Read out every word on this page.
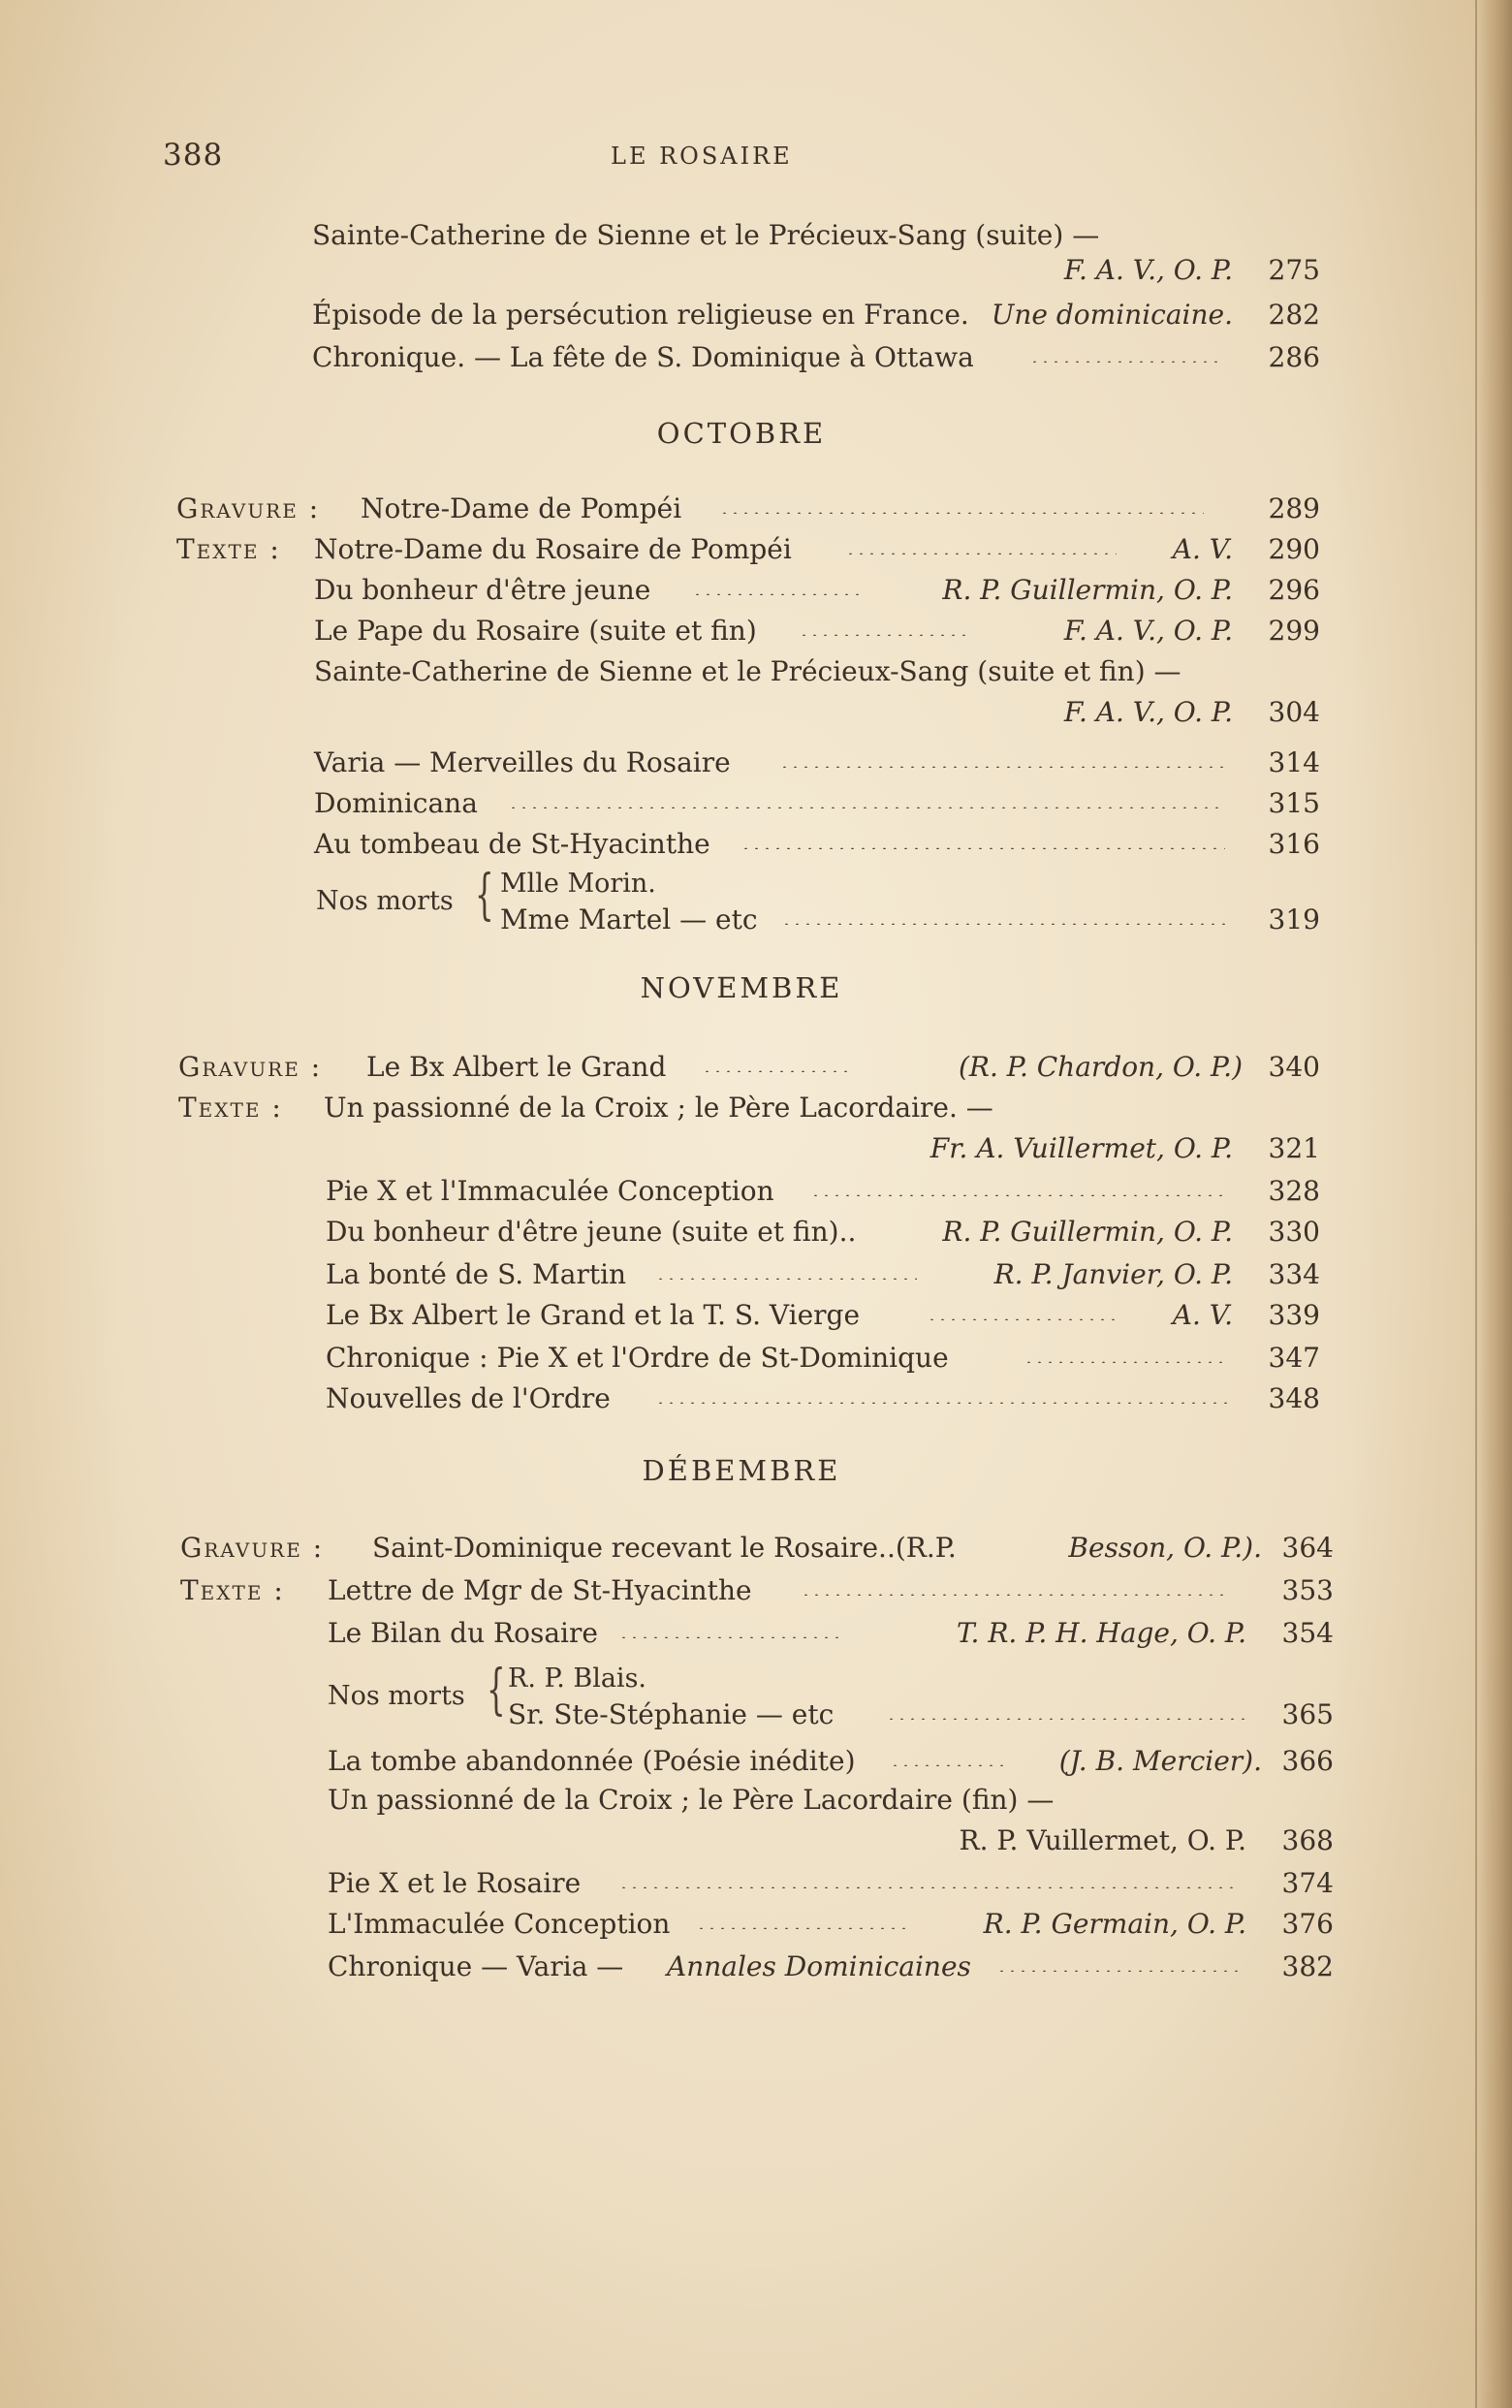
388	LE ROSAIRE
Sainte-Catherine de Sienne et le Précieux-Sang (suite) —
F. A. V., O. P. 275
Épisode de la persécution religieuse en France. Une dominicaine. 282
Chronique. — La fête de S. Dominique à Ottawa	286
OCTOBRE
Gravure : Notre-Dame de Pompéi	289
Texte : Notre-Dame du Rosaire de Pompéi	A. V. 290
Du bonheur d'être jeune	R. P. Guillermin, O. P. 296
Le Pape du Rosaire (suite et fin)	F. A. V., O. P. 299
Sainte-Catherine de Sienne et le Précieux-Sang (suite et fin) —
F. A. V., O. P. 304
Varia — Merveilles du Rosaire	314
Dominicana	315
Au tombeau de St-Hyacinthe	316
Nos morts { Mlle Morin.
Mme Martel — etc	319
NOVEMBRE
Gravure : Le Bx Albert le Grand	(R. P. Chardon, O. P.) 340
Texte : Un passionné de la Croix ; le Père Lacordaire. —
Fr. A. Vuillermet, O. P. 321
Pie X et l'Immaculée Conception	328
Du bonheur d'être jeune (suite et fin)..	R. P. Guillermin, O. P. 330
La bonté de S. Martin	R. P. Janvier, O. P. 334
Le Bx Albert le Grand et la T. S. Vierge	A. V. 339
Chronique : Pie X et l'Ordre de St-Dominique	347
Nouvelles de l'Ordre	348
DÉBEMBRE
Gravure : Saint-Dominique recevant le Rosaire..(R.P.	Besson, O. P.). 364
Texte : Lettre de Mgr de St-Hyacinthe	353
Le Bilan du Rosaire	T. R. P. H. Hage, O. P. 354
Nos morts { R. P. Blais.
Sr. Ste-Stéphanie — etc	365
La tombe abandonnée (Poésie inédite)	(J. B. Mercier). 366
Un passionné de la Croix ; le Père Lacordaire (fin) —
R. P. Vuillermet, O. P. 368
Pie X et le Rosaire	374
L'Immaculée Conception	R. P. Germain, O. P. 376
Chronique — Varia — Annales Dominicaines	382
